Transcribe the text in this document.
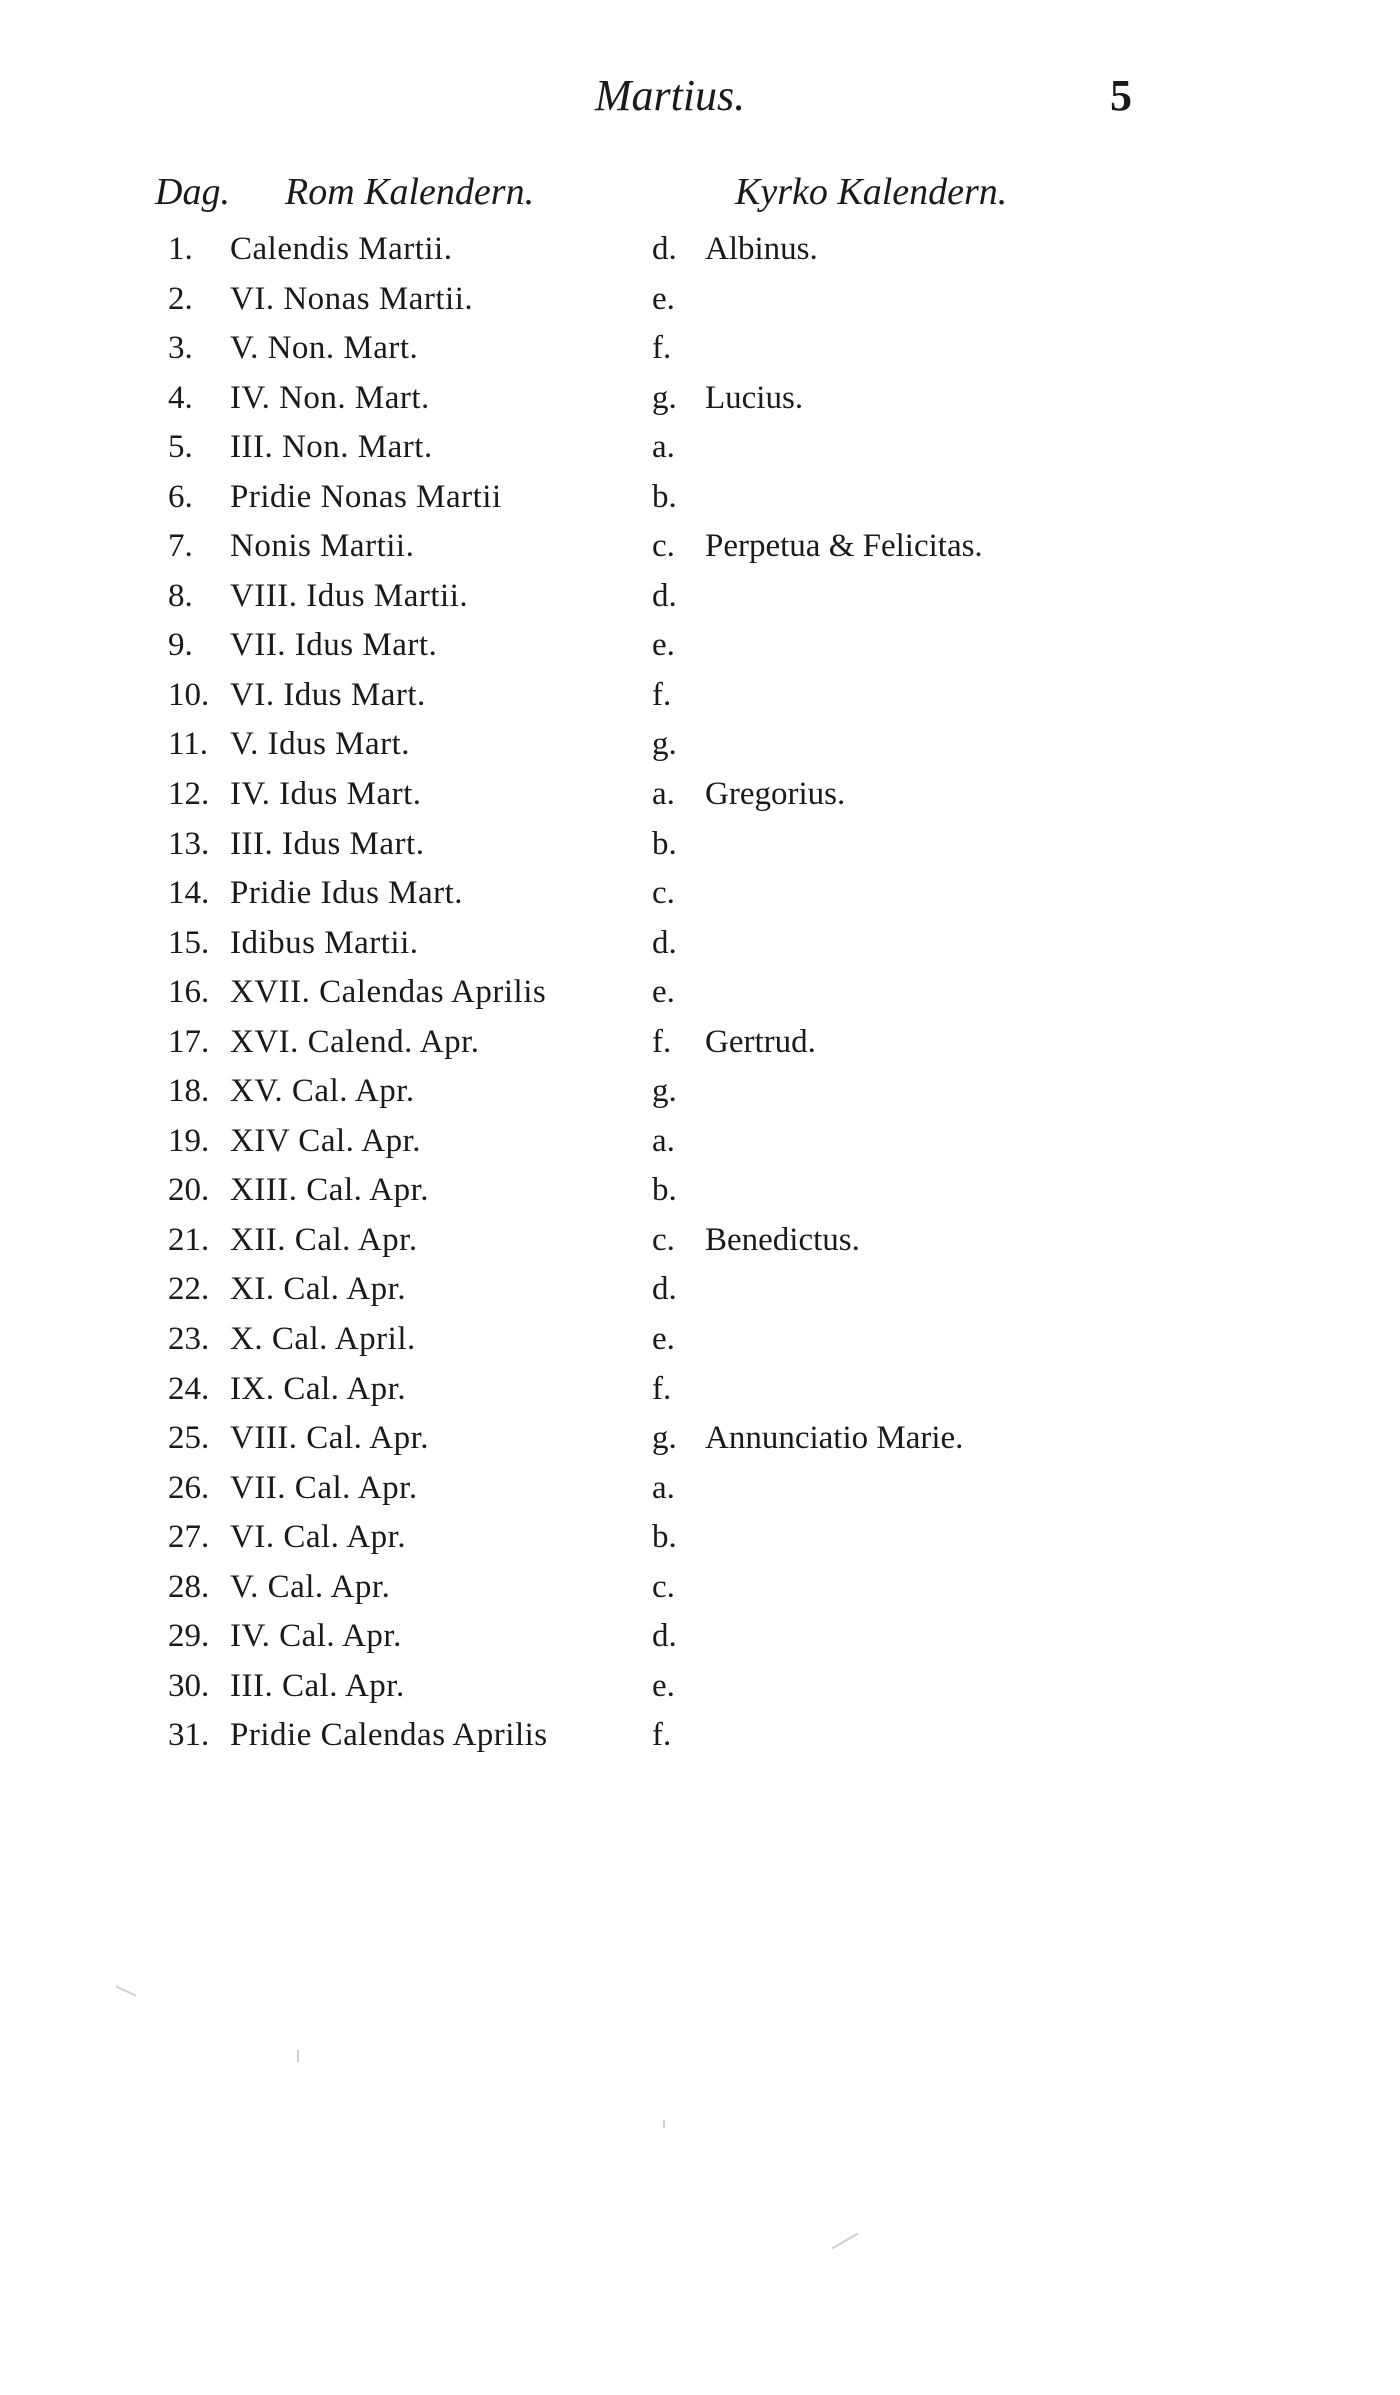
Martius.	5
Dag. Rom Kalendern.	Kyrko Kalendern.
1.	Calendis Martii.	d. Albinus.
2.	VI. Nonas Martii.	e.
3.	V. Non. Mart.	f.
4.	IV. Non. Mart.	g. Lucius.
5.	III. Non. Mart.	a.
6.	Pridie Nonas Martii	b.
7.	Nonis Martii.	c. Perpetua & Felicitas.
8.	VIII. Idus Martii.	d.
9.	VII. Idus Mart.	e.
10. VI. Idus Mart.	f.
11. V. Idus Mart.	g.
12. IV. Idus Mart.	a. Gregorius.
13. III. Idus Mart.	b.
14. Pridie Idus Mart.	c.
15. Idibus Martii.	d.
16. XVII. Calendas Aprilis	e.
17. XVI. Calend. Apr.	f. Gertrud.
18. XV. Cal. Apr.	g.
19. XIV Cal. Apr.	a.
20. XIII. Cal. Apr.	b.
21. XII. Cal. Apr.	c. Benedictus.
22. XI. Cal. Apr.	d.
23. X. Cal. April.	e.
24. IX. Cal. Apr.	f.
25. VIII. Cal. Apr.	g. Annunciatio Marie.
26. VII. Cal. Apr.	a.
27. VI. Cal. Apr.	b.
28. V. Cal. Apr.	c.
29. IV. Cal. Apr.	d.
30. III. Cal. Apr.	e.
31. Pridie Calendas Aprilis	f.
